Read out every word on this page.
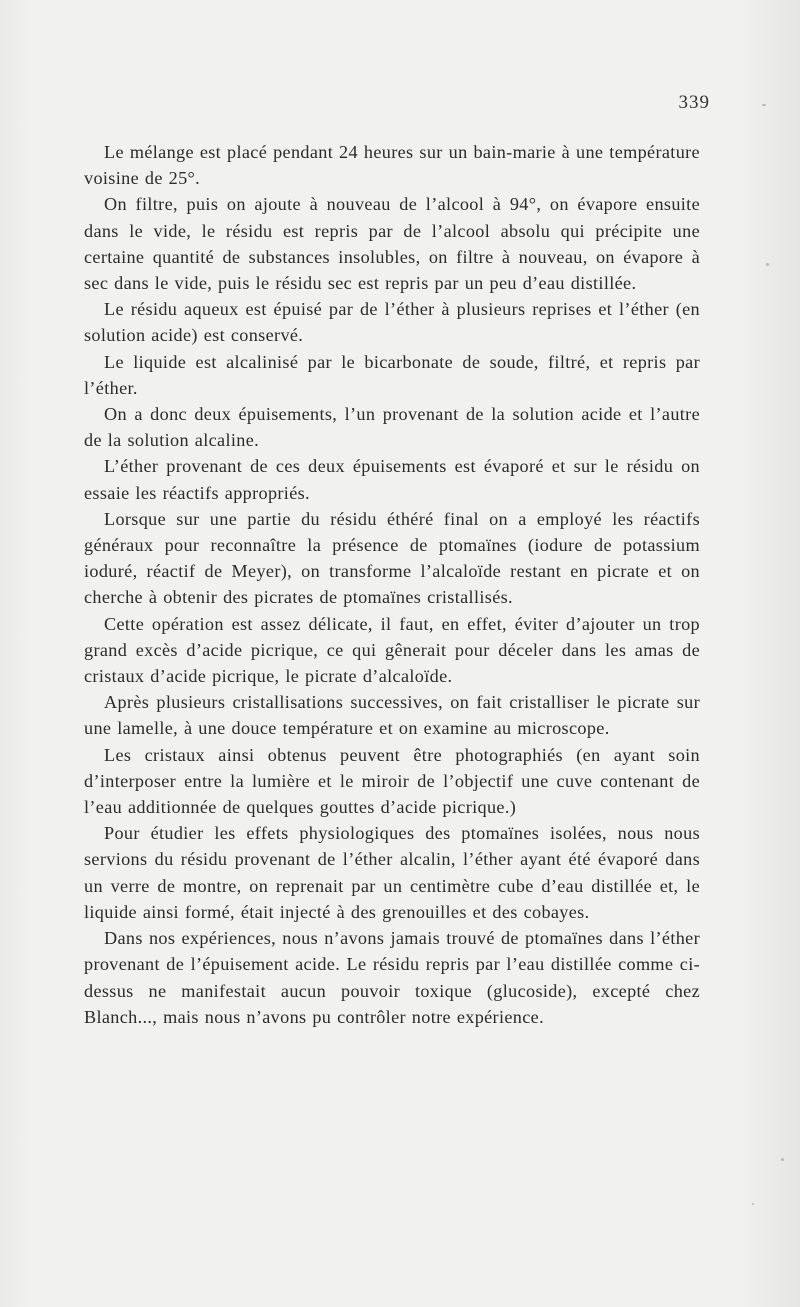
339

Le mélange est placé pendant 24 heures sur un bain-marie à une température voisine de 25°.

On filtre, puis on ajoute à nouveau de l’alcool à 94°, on évapore ensuite dans le vide, le résidu est repris par de l’alcool absolu qui précipite une certaine quantité de substances insolubles, on filtre à nouveau, on évapore à sec dans le vide, puis le résidu sec est repris par un peu d’eau distillée.

Le résidu aqueux est épuisé par de l’éther à plusieurs reprises et l’éther (en solution acide) est conservé.

Le liquide est alcalinisé par le bicarbonate de soude, filtré, et repris par l’éther.

On a donc deux épuisements, l’un provenant de la solution acide et l’autre de la solution alcaline.

L’éther provenant de ces deux épuisements est évaporé et sur le résidu on essaie les réactifs appropriés.

Lorsque sur une partie du résidu éthéré final on a employé les réactifs généraux pour reconnaître la présence de ptomaïnes (iodure de potassium ioduré, réactif de Meyer), on transforme l’alcaloïde restant en picrate et on cherche à obtenir des picrates de ptomaïnes cristallisés.

Cette opération est assez délicate, il faut, en effet, éviter d’ajouter un trop grand excès d’acide picrique, ce qui gênerait pour déceler dans les amas de cristaux d’acide picrique, le picrate d’alcaloïde.

Après plusieurs cristallisations successives, on fait cristalliser le picrate sur une lamelle, à une douce température et on examine au microscope.

Les cristaux ainsi obtenus peuvent être photographiés (en ayant soin d’interposer entre la lumière et le miroir de l’objectif une cuve contenant de l’eau additionnée de quelques gouttes d’acide picrique.)

Pour étudier les effets physiologiques des ptomaïnes isolées, nous nous servions du résidu provenant de l’éther alcalin, l’éther ayant été évaporé dans un verre de montre, on reprenait par un centimètre cube d’eau distillée et, le liquide ainsi formé, était injecté à des grenouilles et des cobayes.

Dans nos expériences, nous n’avons jamais trouvé de ptomaïnes dans l’éther provenant de l’épuisement acide. Le résidu repris par l’eau distillée comme ci-dessus ne manifestait aucun pouvoir toxique (glucoside), excepté chez Blanch..., mais nous n’avons pu contrôler notre expérience.
